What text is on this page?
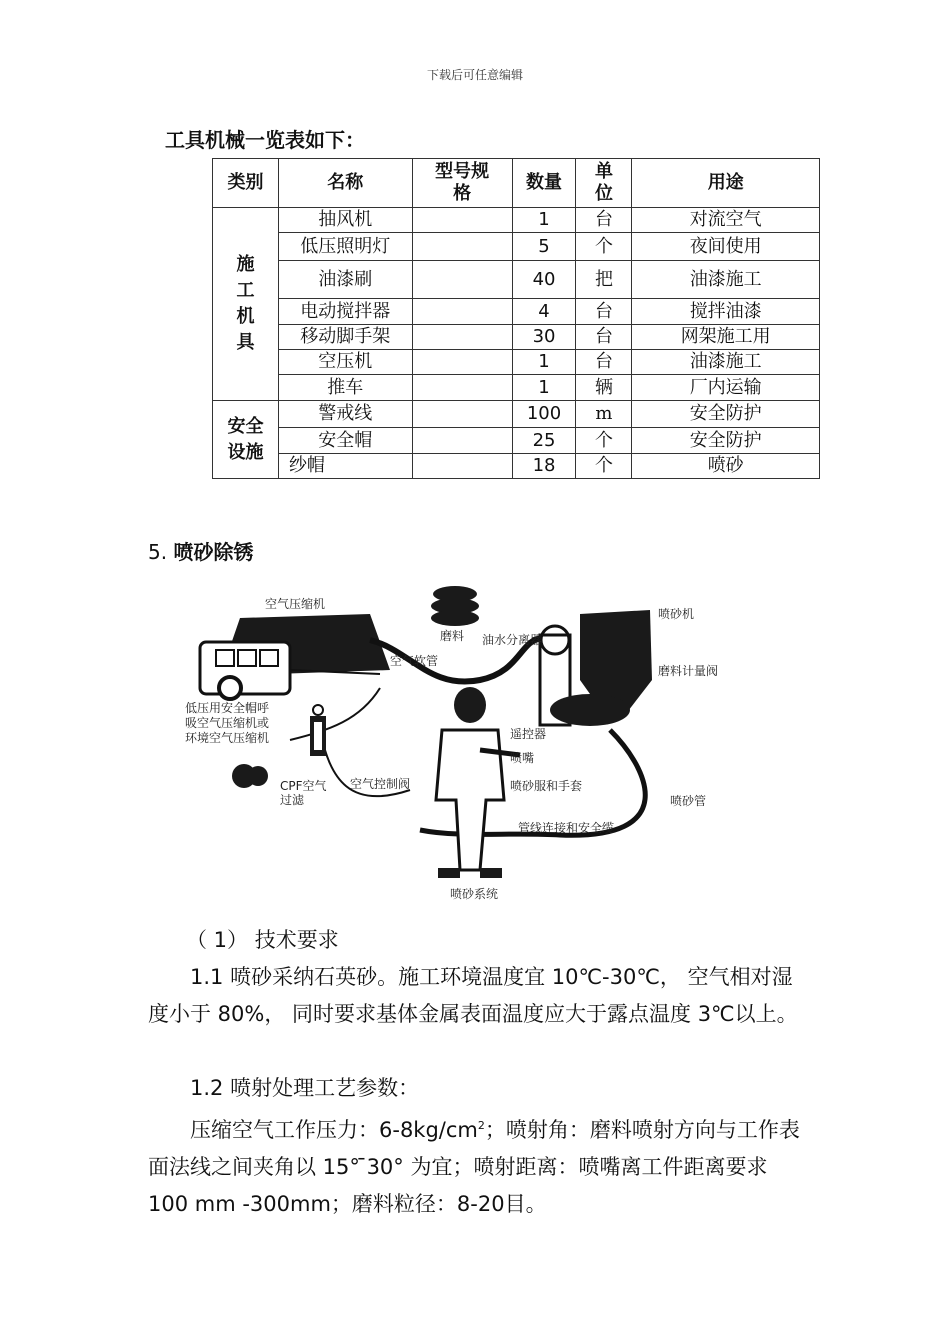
下载后可任意编辑
工具机械一览表如下：
类别	名称	型号规格	数量	单位	用途

施工机具	抽风机		1	台	对流空气
	低压照明灯		5	个	夜间使用
	油漆刷		40	把	油漆施工
	电动搅拌器		4	台	搅拌油漆
	移动脚手架		30	台	网架施工用
	空压机		1	台	油漆施工
	推车		1	辆	厂内运输

安全设施	警戒线		100	m	安全防护
	安全帽		25	个	安全防护
	纱帽		18	个	喷砂
5. 喷砂除锈
空气压缩机
磨料
喷砂机
油水分离器
空气软管
磨料计量阀
低压用安全帽呼
吸空气压缩机或
环境空气压缩机	遥控器
喷嘴
CPF空气
过滤
空气控制阀	喷砂服和手套
喷砂管
管线连接和安全缆
喷砂系统
（ 1） 技术要求
1.1 喷砂采纳石英砂。施工环境温度宜 10℃-30℃， 空气相对湿度小于 80%， 同时要求基体金属表面温度应大于露点温度 3℃以上。
1.2 喷射处理工艺参数：
压缩空气工作压力：$6-8kg/cm^2$；喷射角：磨料喷射方向与工作表面法线之间夹角以 15° ̄30° 为宜；喷射距离：喷嘴离工件距离要求 100 mm -300mm；磨料粒径：8-20目。
